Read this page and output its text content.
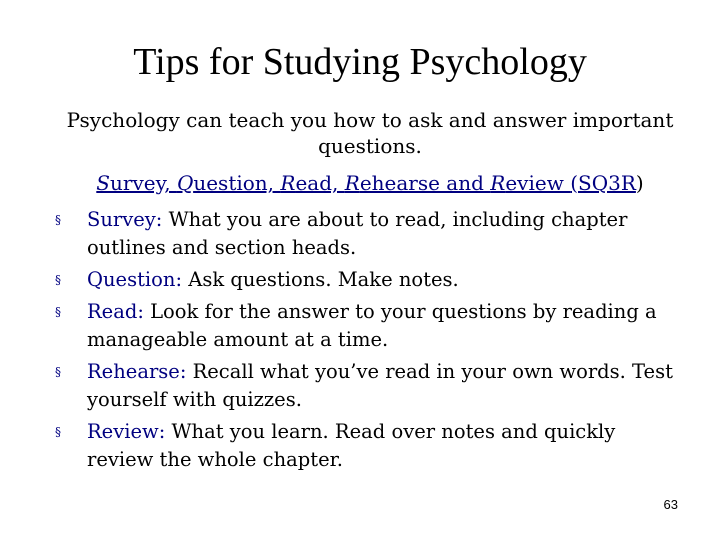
Tips for Studying Psychology
Psychology can teach you how to ask and answer important questions.
Survey, Question, Read, Rehearse and Review (SQ3R)
§ Survey: What you are about to read, including chapter outlines and section heads.
§ Question: Ask questions. Make notes.
§ Read: Look for the answer to your questions by reading a manageable amount at a time.
§ Rehearse: Recall what you’ve read in your own words. Test yourself with quizzes.
§ Review: What you learn. Read over notes and quickly review the whole chapter.
63
